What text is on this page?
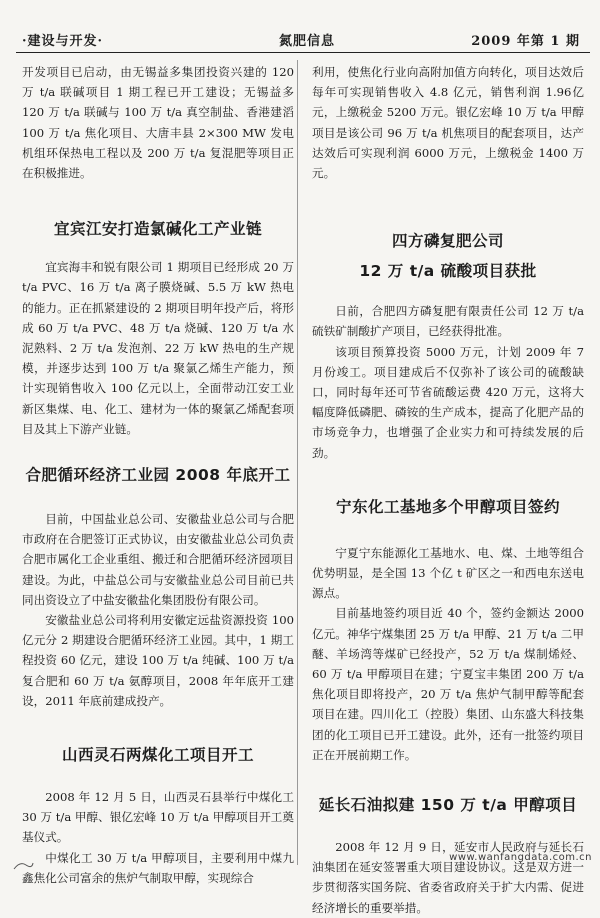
·建设与开发·	氮肥信息	2009 年第 1 期

开发项目已启动，由无锡益多集团投资兴建的 120 万 t/a 联碱项目 1 期工程已开工建设；无锡益多 120 万 t/a 联碱与 100 万 t/a 真空制盐、香港建滔 100 万 t/a 焦化项目、大唐丰县 2×300 MW 发电机组环保热电工程以及 200 万 t/a 复混肥等项目正在积极推进。

宜宾江安打造氯碱化工产业链

宜宾海丰和锐有限公司 1 期项目已经形成 20 万 t/a PVC、16 万 t/a 离子膜烧碱、5.5 万 kW 热电的能力。正在抓紧建设的 2 期项目明年投产后，将形成 60 万 t/a PVC、48 万 t/a 烧碱、120 万 t/a 水泥熟料、2 万 t/a 发泡剂、22 万 kW 热电的生产规模，并逐步达到 100 万 t/a 聚氯乙烯生产能力，预计实现销售收入 100 亿元以上，全面带动江安工业新区集煤、电、化工、建材为一体的聚氯乙烯配套项目及其上下游产业链。

合肥循环经济工业园 2008 年底开工

目前，中国盐业总公司、安徽盐业总公司与合肥市政府在合肥签订正式协议，由安徽盐业总公司负责合肥市属化工企业重组、搬迁和合肥循环经济园项目建设。为此，中盐总公司与安徽盐业总公司目前已共同出资设立了中盐安徽盐化集团股份有限公司。

安徽盐业总公司将利用安徽定远盐资源投资 100 亿元分 2 期建设合肥循环经济工业园。其中，1 期工程投资 60 亿元，建设 100 万 t/a 纯碱、100 万 t/a 复合肥和 60 万 t/a 氨醇项目，2008 年年底开工建设，2011 年底前建成投产。

山西灵石两煤化工项目开工

2008 年 12 月 5 日，山西灵石县举行中煤化工 30 万 t/a 甲醇、银亿宏峰 10 万 t/a 甲醇项目开工奠基仪式。

中煤化工 30 万 t/a 甲醇项目，主要利用中煤九鑫焦化公司富余的焦炉气制取甲醇，实现综合

利用，使焦化行业向高附加值方向转化，项目达效后每年可实现销售收入 4.8 亿元，销售利润 1.96亿元，上缴税金 5200 万元。银亿宏峰 10 万 t/a 甲醇项目是该公司 96 万 t/a 机焦项目的配套项目，达产达效后可实现利润 6000 万元，上缴税金 1400 万元。

四方磷复肥公司
12 万 t/a 硫酸项目获批

日前，合肥四方磷复肥有限责任公司 12 万 t/a 硫铁矿制酸扩产项目，已经获得批准。

该项目预算投资 5000 万元，计划 2009 年 7 月份竣工。项目建成后不仅弥补了该公司的硫酸缺口，同时每年还可节省硫酸运费 420 万元，这将大幅度降低磷肥、磷铵的生产成本，提高了化肥产品的市场竞争力，也增强了企业实力和可持续发展的后劲。

宁东化工基地多个甲醇项目签约

宁夏宁东能源化工基地水、电、煤、土地等组合优势明显，是全国 13 个亿 t 矿区之一和西电东送电源点。

目前基地签约项目近 40 个，签约金额达 2000 亿元。神华宁煤集团 25 万 t/a 甲醇、21 万 t/a 二甲醚、羊场湾等煤矿已经投产，52 万 t/a 煤制烯烃、60 万 t/a 甲醇项目在建；宁夏宝丰集团 200 万 t/a 焦化项目即将投产，20 万 t/a 焦炉气制甲醇等配套项目在建。四川化工（控股）集团、山东盛大科技集团的化工项目已开工建设。此外，还有一批签约项目正在开展前期工作。

延长石油拟建 150 万 t/a 甲醇项目

2008 年 12 月 9 日，延安市人民政府与延长石油集团在延安签署重大项目建设协议。这是双方进一步贯彻落实国务院、省委省政府关于扩大内需、促进经济增长的重要举措。

www.wanfangdata.com.cn
